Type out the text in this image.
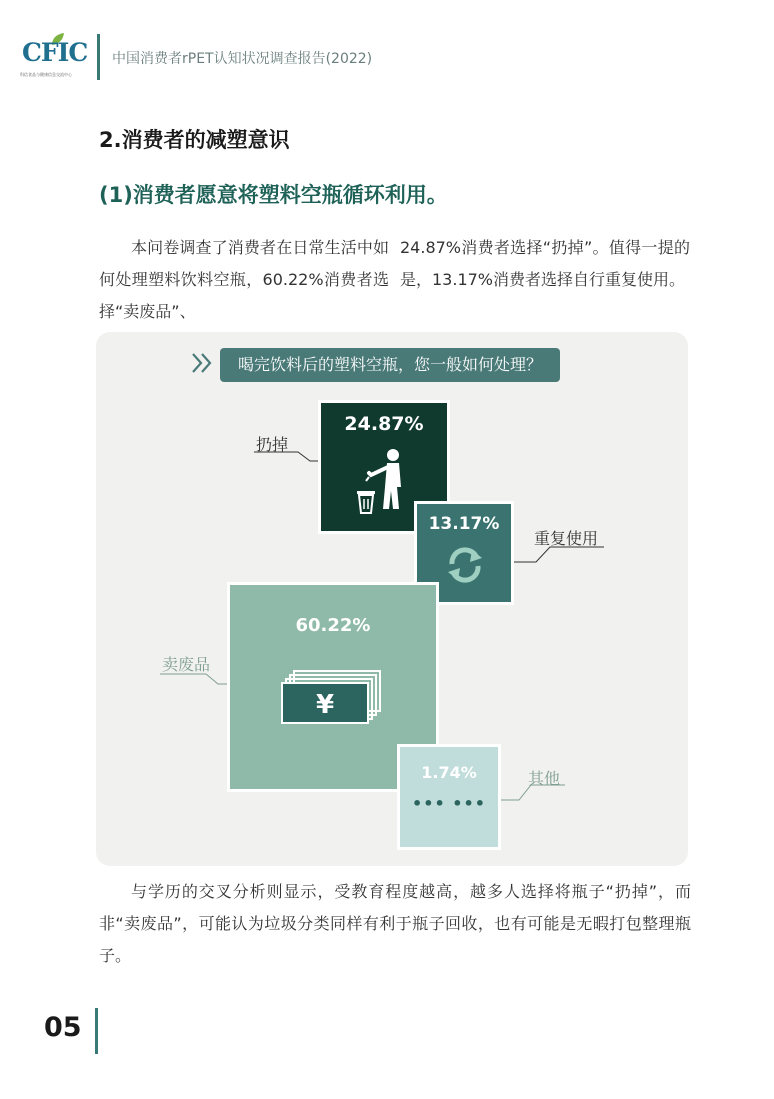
CFIC
科信食品与健康信息交流中心
中国消费者rPET认知状况调查报告(2022)
2.消费者的减塑意识
(1)消费者愿意将塑料空瓶循环利用。
本问卷调查了消费者在日常生活中如何处理塑料饮料空瓶，60.22%消费者选择“卖废品”、
24.87%消费者选择“扔掉”。值得一提的是，13.17%消费者选择自行重复使用。
喝完饮料后的塑料空瓶，您一般如何处理？
24.87%
13.17%
60.22%
¥
1.74%
••• •••
扔掉
重复使用
卖废品
其他
与学历的交叉分析则显示，受教育程度越高，越多人选择将瓶子“扔掉”，而非“卖废品”，可能认为垃圾分类同样有利于瓶子回收，也有可能是无暇打包整理瓶子。
05
